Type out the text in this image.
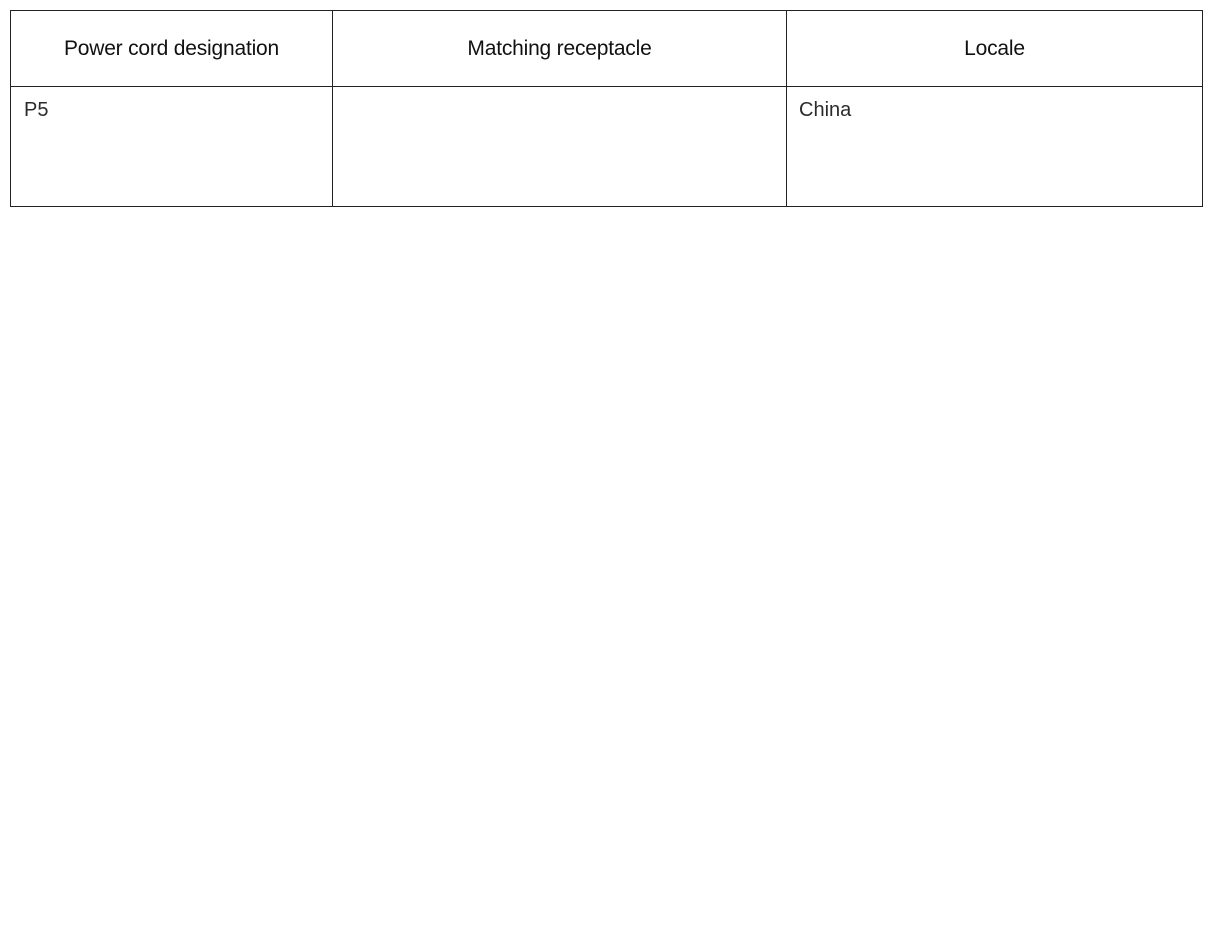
Power cord designation	Matching receptacle	Locale

P5		China
